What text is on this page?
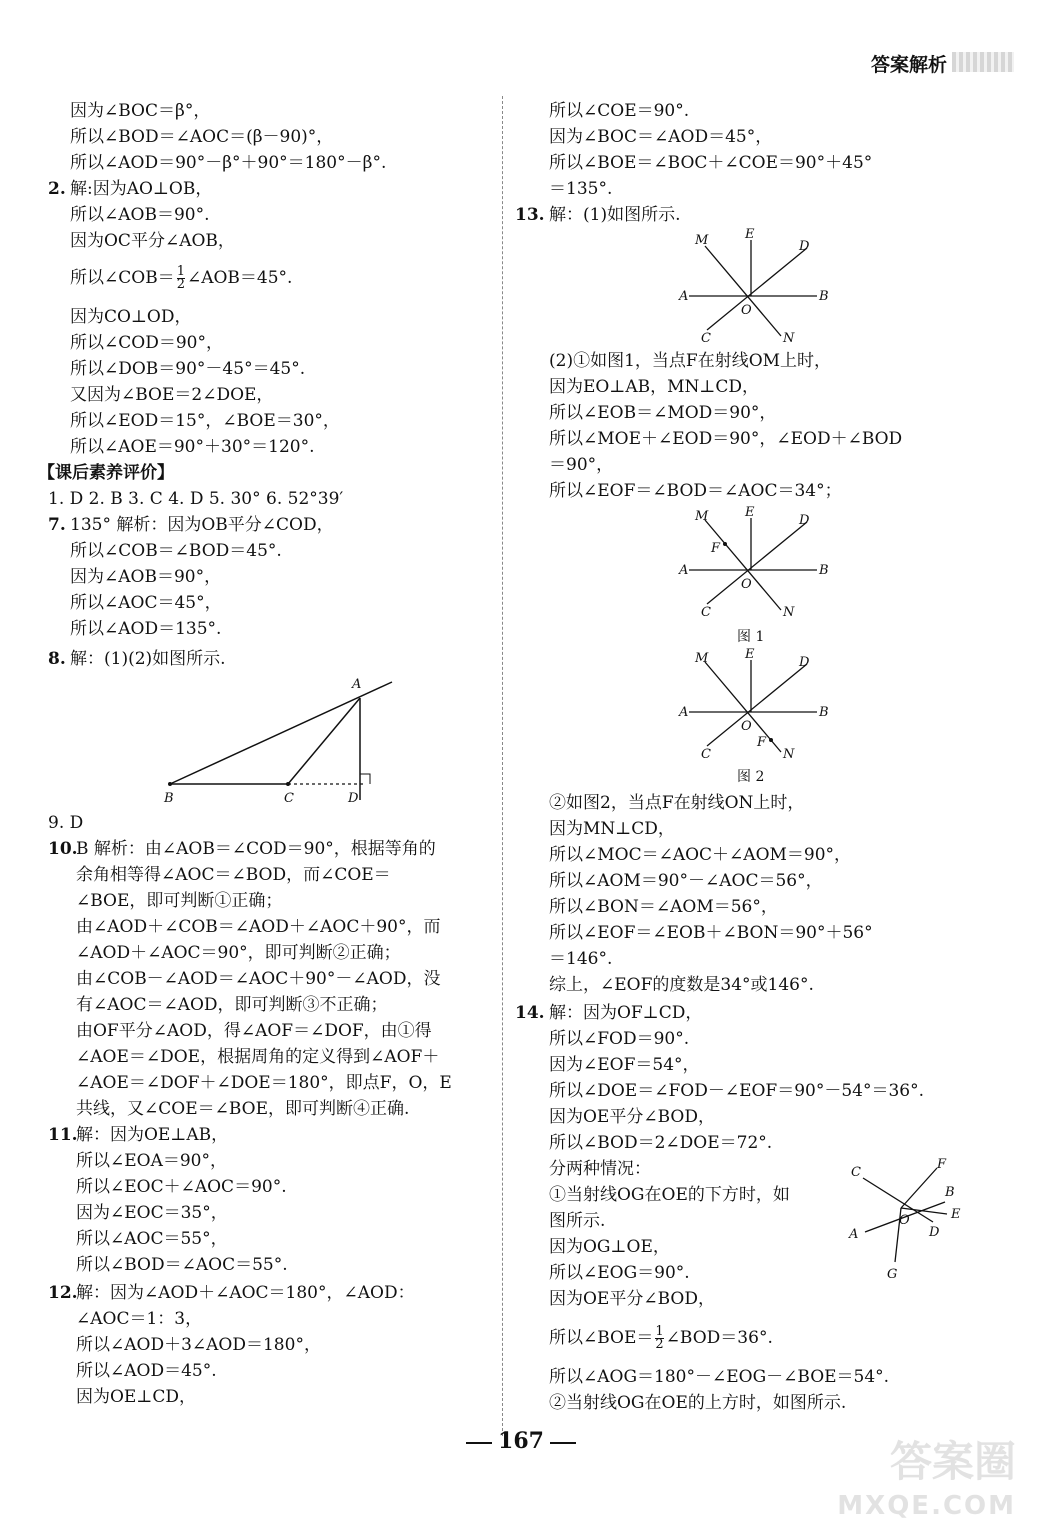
答案解析
因为∠BOC＝β°，
所以∠BOD＝∠AOC＝(β－90)°，
所以∠AOD＝90°－β°＋90°＝180°－β°.
2. 解:因为AO⊥OB，
所以∠AOB＝90°.
因为OC平分∠AOB，
所以∠COB＝ $\frac{1}{2}$ ∠AOB＝45°.
因为CO⊥OD，
所以∠COD＝90°，
所以∠DOB＝90°－45°＝45°.
又因为∠BOE＝2∠DOE，
所以∠EOD＝15°，∠BOE＝30°，
所以∠AOE＝90°＋30°＝120°.
【课后素养评价】
1. D 2. B 3. C 4. D 5. 30° 6. 52°39′
7. 135° 解析：因为OB平分∠COD，
所以∠COB＝∠BOD＝45°.
因为∠AOB＝90°，
所以∠AOC＝45°，
所以∠AOD＝135°.
8. 解：(1)(2)如图所示.
A
B	C	D
9. D
10.
B 解析：由∠AOB＝∠COD＝90°，根据等角的
余角相等得∠AOC＝∠BOD，而∠COE＝
∠BOE，即可判断①正确；
由∠AOD＋∠COB＝∠AOD＋∠AOC＋90°，而
∠AOD＋∠AOC＝90°，即可判断②正确；
由∠COB－∠AOD＝∠AOC＋90°－∠AOD，没
有∠AOC＝∠AOD，即可判断③不正确；
由OF平分∠AOD，得∠AOF＝∠DOF，由①得
∠AOE＝∠DOE，根据周角的定义得到∠AOF＋
∠AOE＝∠DOF＋∠DOE＝180°，即点F，O，E
共线，又∠COE＝∠BOE，即可判断④正确.
11.
解：因为OE⊥AB，
所以∠EOA＝90°，
所以∠EOC＋∠AOC＝90°.
因为∠EOC＝35°，
所以∠AOC＝55°，
所以∠BOD＝∠AOC＝55°.
12.
解：因为∠AOD＋∠AOC＝180°，∠AOD：
∠AOC＝1：3，
所以∠AOD＋3∠AOD＝180°，
所以∠AOD＝45°.
因为OE⊥CD，
所以∠COE＝90°.
因为∠BOC＝∠AOD＝45°，
所以∠BOE＝∠BOC＋∠COE＝90°＋45°
＝135°.
13. 解：(1)如图所示.
M	E
D
A	B
O
C	N
(2)①如图1，当点F在射线OM上时，
因为EO⊥AB，MN⊥CD，
所以∠EOB＝∠MOD＝90°，
所以∠MOE＋∠EOD＝90°，∠EOD＋∠BOD
＝90°，
所以∠EOF＝∠BOD＝∠AOC＝34°；
M	E
D
F
A	B
O
C	N
图 1
M	E
D
A	B
O
F
C	N
图 2
②如图2，当点F在射线ON上时，
因为MN⊥CD，
所以∠MOC＝∠AOC＋∠AOM＝90°，
所以∠AOM＝90°－∠AOC＝56°，
所以∠BON＝∠AOM＝56°，
所以∠EOF＝∠EOB＋∠BON＝90°＋56°
＝146°.
综上，∠EOF的度数是34°或146°.
14. 解：因为OF⊥CD，
所以∠FOD＝90°.
因为∠EOF＝54°，
所以∠DOE＝∠FOD－∠EOF＝90°－54°＝36°.
因为OE平分∠BOD，
所以∠BOD＝2∠DOE＝72°.
分两种情况：
①当射线OG在OE的下方时，如
图所示.
因为OG⊥OE，
所以∠EOG＝90°.
因为OE平分∠BOD，
C
F
B
E
A
O
D
G
所以∠BOE＝ $\frac{1}{2}$ ∠BOD＝36°.
所以∠AOG＝180°－∠EOG－∠BOE＝54°.
②当射线OG在OE的上方时，如图所示.
167	答案圈
MXQE.COM
